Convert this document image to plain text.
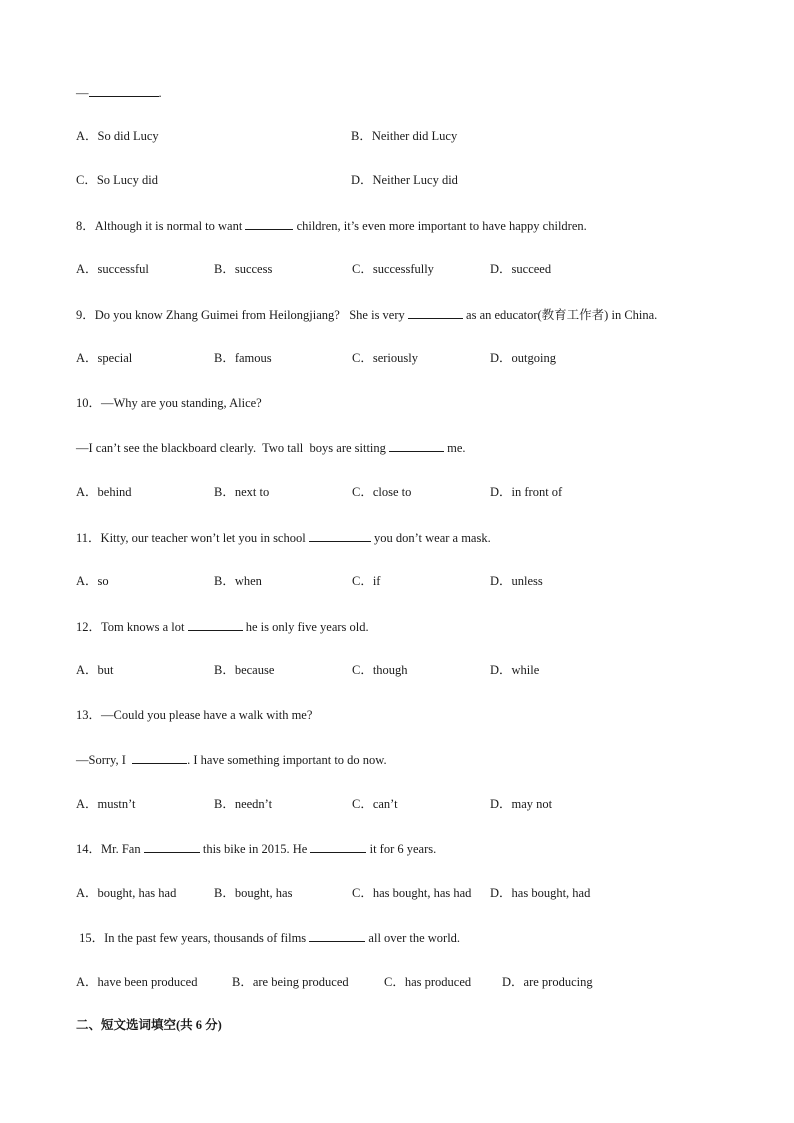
—	.
A．So did Lucy	B．Neither did Lucy
C．So Lucy did	D．Neither Lucy did
8．Although it is normal to want	children, it’s even more important to have happy children.
A．successful	B．success	C．successfully	D．succeed
9．Do you know Zhang Guimei from Heilongjiang?   She is very	as an educator(教育工作者) in China.
A．special	B．famous	C．seriously	D．outgoing
10．—Why are you standing, Alice?
—I can’t see the blackboard clearly.  Two tall  boys are sitting	me.
A．behind	B．next to	C．close to	D．in front of
11．Kitty, our teacher won’t let you in school	you don’t wear a mask.
A．so	B．when	C．if	D．unless
12．Tom knows a lot	he is only five years old.
A．but	B．because	C．though	D．while
13．—Could you please have a walk with me?
—Sorry, I	. I have something important to do now.
A．mustn’t	B．needn’t	C．can’t	D．may not
14．Mr. Fan	this bike in 2015. He	it for 6 years.
A．bought, has had	B．bought, has	C．has bought, has had D．has bought, had
15．In the past few years, thousands of films	all over the world.
A．have been produced	B．are being produced	C．has produced D．are producing
二、短文选词填空(共 6 分)
